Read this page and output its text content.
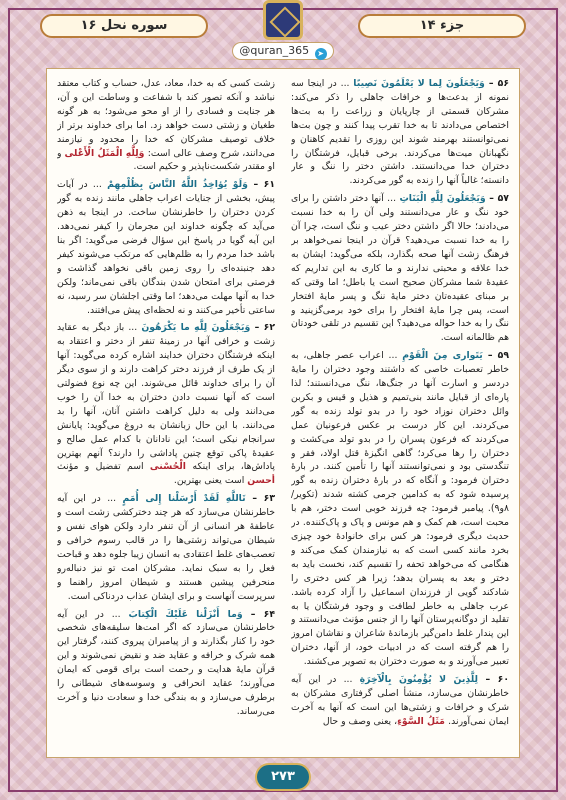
جزء ۱۴
سوره نحل ۱۶
@quran_365 ➤

۵۶ – وَيَجْعَلُونَ لِما لا يَعْلَمُونَ نَصِيبًا ... در اینجا سه نمونه از بدعت‌ها و خرافات جاهلی را ذکر می‌کند: مشرکان قسمتی از چارپایان و زراعت را به بت‌ها اختصاص می‌دادند تا به خدا تقرب پیدا کنند و چون بت‌ها نمی‌توانستند بهرمند شوند این روزی را تقدیم کاهنان و نگهبانان میت‌ها می‌کردند. برخی قبایل، فرشتگان را دختران خدا می‌دانستند. داشتن دختر را ننگ و عار دانسته؛ غالباً آنها را زنده به گور می‌کردند.

۵۷ – وَيَجْعَلُونَ لِلَّهِ الْبَنَاتِ ... آنها دختر داشتن را برای خود ننگ و عار می‌دانستند ولی آن را به خدا نسبت می‌دادند؛ حالا اگر داشتن دختر عیب و ننگ است، چرا آن را به خدا نسبت می‌دهید؟ قرآن در اینجا نمی‌خواهد بر فرهنگ زشت آنها صحه بگذارد، بلکه می‌گوید: ایشان به خدا علاقه و محبتی ندارند و ما کاری به این تداریم که عقیدهٔ شما مشرکان صحیح است یا باطل؛ اما وقتی که بر مبنای عقیده‌تان دختر مایهٔ ننگ و پسر مایهٔ افتخار است، پس چرا مایهٔ افتخار را برای خود برمی‌گزینید و ننگ را به خدا حواله می‌دهید؟ این تقسیم در تلقی خودتان هم ظالمانه است.

۵۹ – يَتَوارى مِنَ الْقَوْمِ ... اعراب عصر جاهلی، به خاطر تعصبات خاصی که داشتند وجود دختران را مایهٔ دردسر و اسارت آنها در جنگ‌ها، ننگ می‌دانستند؛ لذا پاره‌ای از قبایل مانند بنی‌تمیم و هذیل و قیس و بکربن وائل دختران نوزاد خود را در بدو تولد زنده به گور می‌کردند. این کار درست بر عکس فرعونیان عمل می‌کردند که فرعون پسران را در بدو تولد می‌کشت و دختران را رها می‌کرد؛ گاهی انگیزهٔ قتل اولاد، فقر و تنگدستی بود و نمی‌توانستند آنها را تأمین کنند. در بارهٔ دختران فرمود: و آنگاه که در بارهٔ دختران زنده به گور پرسیده شود که به کدامین جرمی کشته شدند (تکویر/۸و۹). پیامبر فرمود: چه فرزند خوبی است دختر، هم با محبت است، هم کمک و هم مونس و پاک و پاک‌کننده. در حدیث دیگری فرمود: هر کس برای خانوادهٔ خود چیزی بخرد مانند کسی است که به نیازمندان کمک می‌کند و هنگامی که می‌خواهد تحفه را تقسیم کند، نخست باید به دختر و بعد به پسران بدهد؛ زیرا هر کس دختری را شادکند گویی از فرزندان اسماعیل را آزاد کرده باشد. عرب جاهلی به خاطر لطافت و وجود فرشتگان یا به تقلید از دوگانه‌پرستان آنها را از جنس مؤنث می‌دانستند و این پندار غلط دامن‌گیر بازماندهٔ شاعران و نقاشان امروز را هم گرفته است که در ادبیات خود، از آنها، دختران تعبیر می‌آورند و به صورت دختران به تصویر می‌کشند.

۶۰ – لِلَّذِينَ لا يُؤْمِنُونَ بِالْآخِرَةِ ... در این آیه خاطرنشان می‌سازد، منشأ اصلی گرفتاری مشرکان به شرک و خرافات و زشتی‌ها این است که آنها به آخرت ایمان نمی‌آورند. مَثَلُ السَّوْءِ، یعنی وصف و حال

زشت کسی که به خدا، معاد، عدل، حساب و کتاب معتقد نباشد و آنکه تصور کند با شفاعت و وساطت این و آن، هر جنایت و فسادی را از او محو می‌شود؛ به هر گونه طغیان و زشتی دست خواهد زد. اما برای خداوند برتر از خلاف توصیف مشرکان که خدا را محدود و نیازمند می‌دانند، شرح وصف عالی است: وَلِلَّهِ الْمَثَلُ الْأَعْلى و او مقتدر شکست‌ناپذیر و حکیم است.

۶۱ – وَلَوْ يُؤاخِذُ اللَّهُ النَّاسَ بِظُلْمِهِمْ ... در آیات پیش، بخشی از جنایات اعراب جاهلی مانند زنده به گور کردن دختران را خاطرنشان ساخت. در اینجا به ذهن می‌آید که چگونه خداوند این مجرمان را کیفر نمی‌دهد. این آیه گویا در پاسخ این سؤال فرضی می‌گوید: اگر بنا باشد خدا مردم را به ظلم‌هایی که مرتکب می‌شوند کیفر دهد جنبنده‌ای را روی زمین باقی نخواهد گذاشت و فرصتی برای امتحان شدن بندگان باقی نمی‌ماند؛ ولکن خدا به آنها مهلت می‌دهد؛ اما وقتی اجلشان سر رسید، نه ساعتی تأخیر می‌کنند و نه لحظه‌ای پیش می‌افتند.

۶۲ – وَيَجْعَلُونَ لِلَّهِ ما يَكْرَهُونَ ... باز دیگر به عقاید زشت و خرافی آنها در زمینهٔ تنفر از دختر و اعتقاد به اینکه فرشتگان دختران خدایند اشاره کرده می‌گوید: آنها از یک طرف از فرزند دختر کراهت دارند و از سوی دیگر آن را برای خداوند قائل می‌شوند. این چه نوع فضولتی است که آنها نسبت دادن دختران به خدا آن را خوب می‌دانند ولی به دلیل کراهت داشتن آنان، آنها را بد می‌دانند. با این حال زبانشان به دروغ می‌گوید: پایانش سرانجام نیکی است؛ این نادانان با کدام عمل صالح و عقیدهٔ پاکی توقع چنین پاداشی را دارند؟ آنهم بهترین پاداش‌ها، برای اینکه الْحُسْنى اسم تفضیل و مؤنث أحسن است یعنی بهترین.

۶۳ – تَاللَّهِ لَقَدْ أَرْسَلْنا إِلى أُمَمٍ ... در این آیه خاطرنشان می‌سازد که هر چند دخترکشی زشت است و عاطفهٔ هر انسانی از آن تنفر دارد ولکن هوای نفس و شیطان می‌تواند زشتی‌ها را در قالب رسوم خرافی و تعصب‌های غلط اعتقادی به انسان زیبا جلوه دهد و قباحت فعل را به سبک نماید. مشرکان امت تو نیز دنباله‌رو منحرفین پیشین هستند و شیطان امروز راهنما و سرپرست آنهاست و برای ایشان عذاب دردناکی است.

۶۴ – وَما أَنْزَلْنا عَلَيْكَ الْكِتابَ ... در این آیه خاطرنشان می‌سازد که اگر امت‌ها سلیقه‌های شخصی خود را کنار بگذارند و از پیامبران پیروی کنند، گرفتار این همه شرک و خرافه و عقاید ضد و نقیض نمی‌شوند و این قرآن مایهٔ هدایت و رحمت است برای قومی که ایمان می‌آورند؛ عقاید انحرافی و وسوسه‌های شیطانی را برطرف می‌سازد و به بندگی خدا و سعادت دنیا و آخرت می‌رساند.

۲۷۳
